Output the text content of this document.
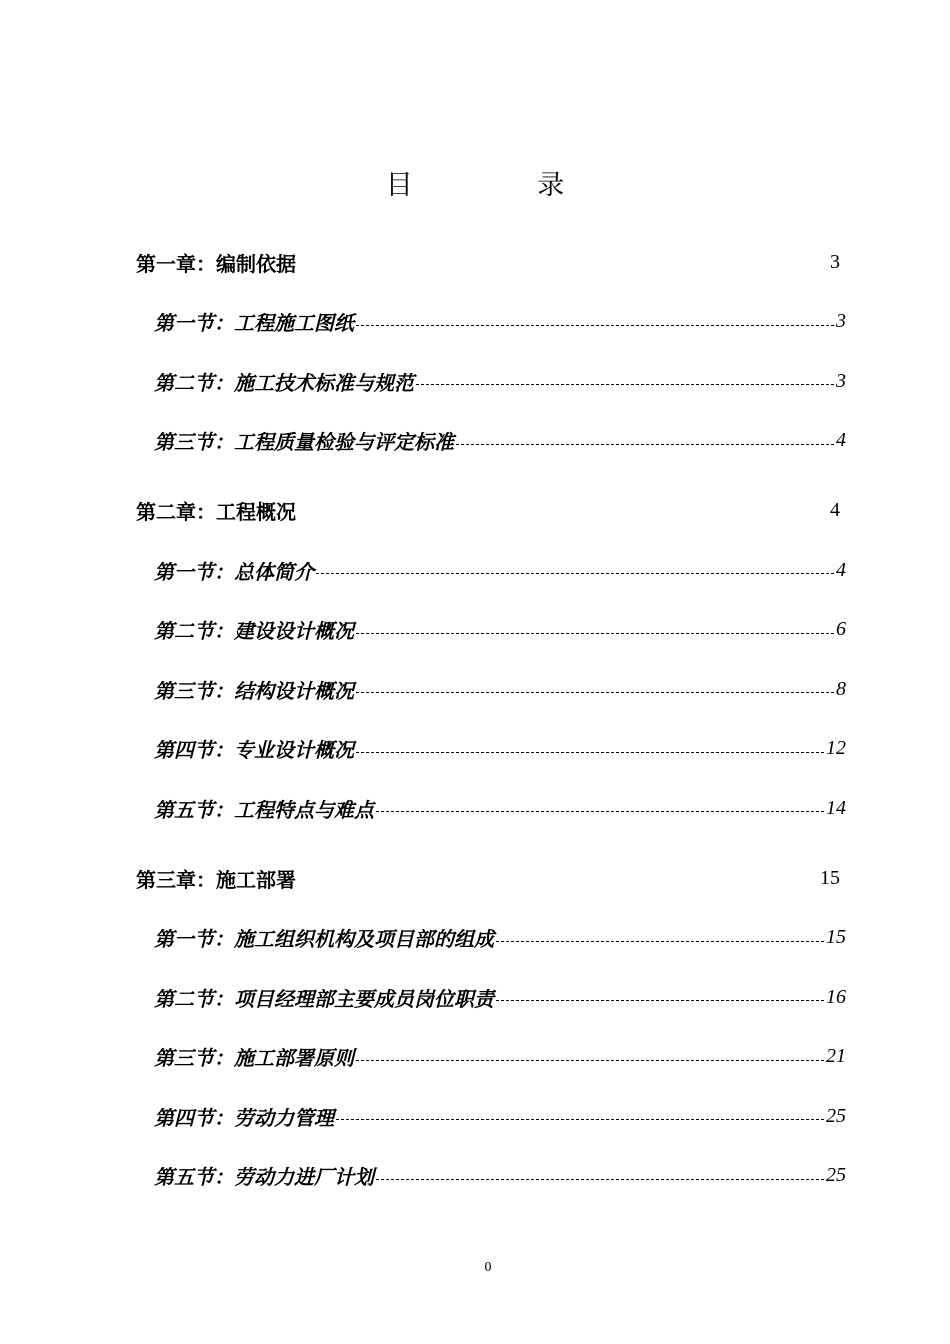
目 录
第一章：编制依据	3
第一节：工程施工图纸	3
第二节：施工技术标准与规范	3
第三节：工程质量检验与评定标准	4
第二章：工程概况	4
第一节：总体简介	4
第二节：建设设计概况	6
第三节：结构设计概况	8
第四节：专业设计概况	12
第五节：工程特点与难点	14
第三章：施工部署	15
第一节：施工组织机构及项目部的组成	15
第二节：项目经理部主要成员岗位职责	16
第三节：施工部署原则	21
第四节：劳动力管理	25
第五节：劳动力进厂计划	25
0
